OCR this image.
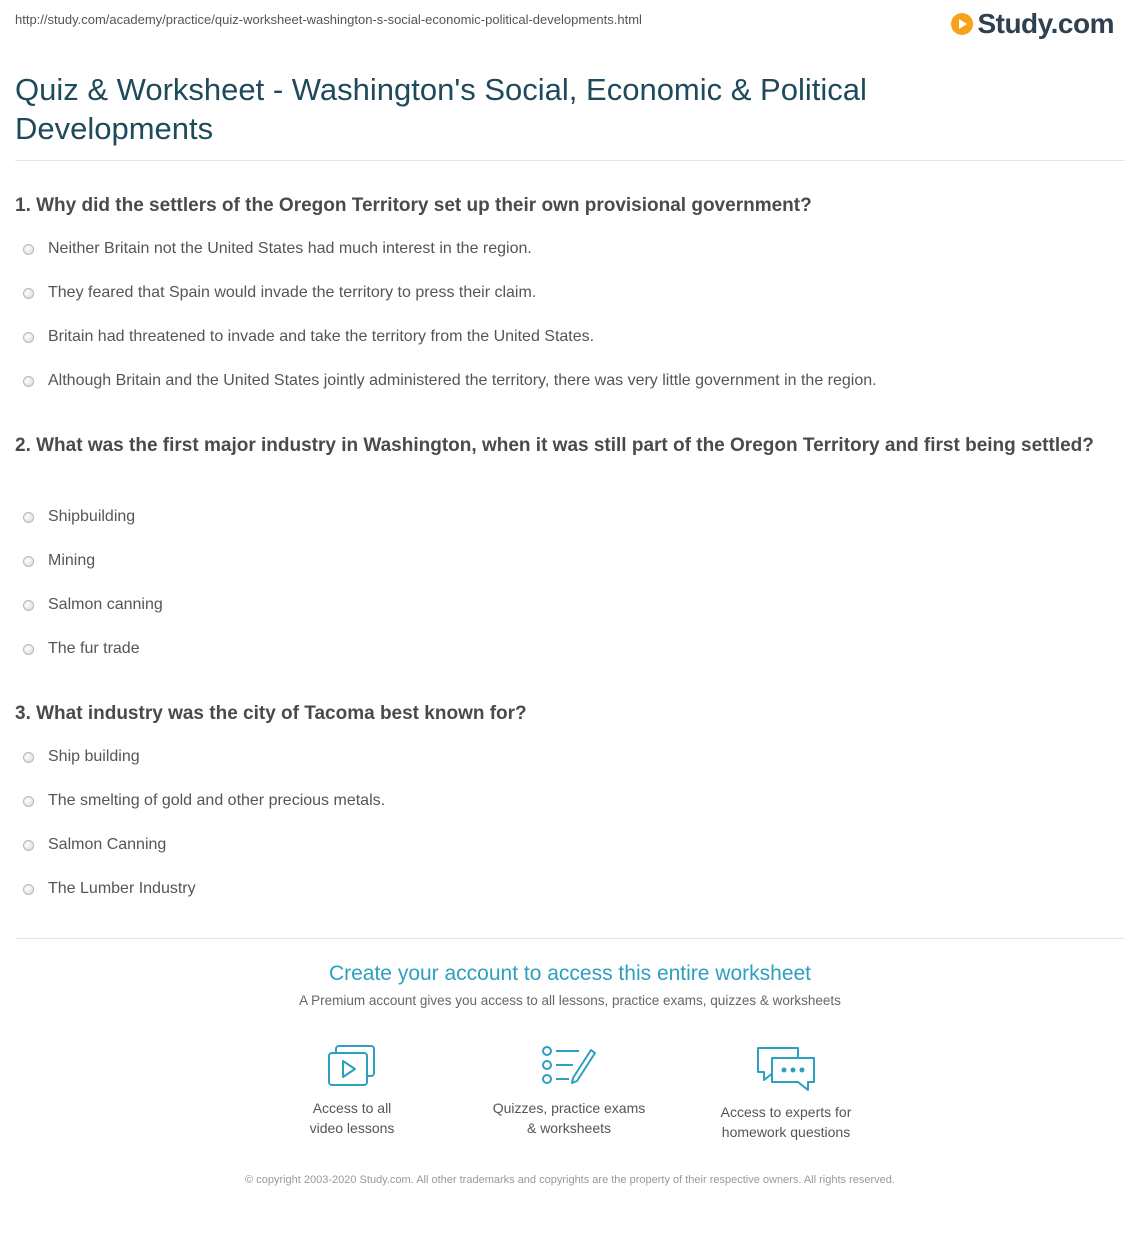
http://study.com/academy/practice/quiz-worksheet-washington-s-social-economic-political-developments.html	Study.com
Quiz & Worksheet - Washington's Social, Economic & Political Developments
1. Why did the settlers of the Oregon Territory set up their own provisional government?
Neither Britain not the United States had much interest in the region.
They feared that Spain would invade the territory to press their claim.
Britain had threatened to invade and take the territory from the United States.
Although Britain and the United States jointly administered the territory, there was very little government in the region.
2. What was the first major industry in Washington, when it was still part of the Oregon Territory and first being settled?
Shipbuilding
Mining
Salmon canning
The fur trade
3. What industry was the city of Tacoma best known for?
Ship building
The smelting of gold and other precious metals.
Salmon Canning
The Lumber Industry
Create your account to access this entire worksheet
A Premium account gives you access to all lessons, practice exams, quizzes & worksheets
Access to all
video lessons
Quizzes, practice exams
& worksheets
Access to experts for
homework questions
© copyright 2003-2020 Study.com. All other trademarks and copyrights are the property of their respective owners. All rights reserved.
